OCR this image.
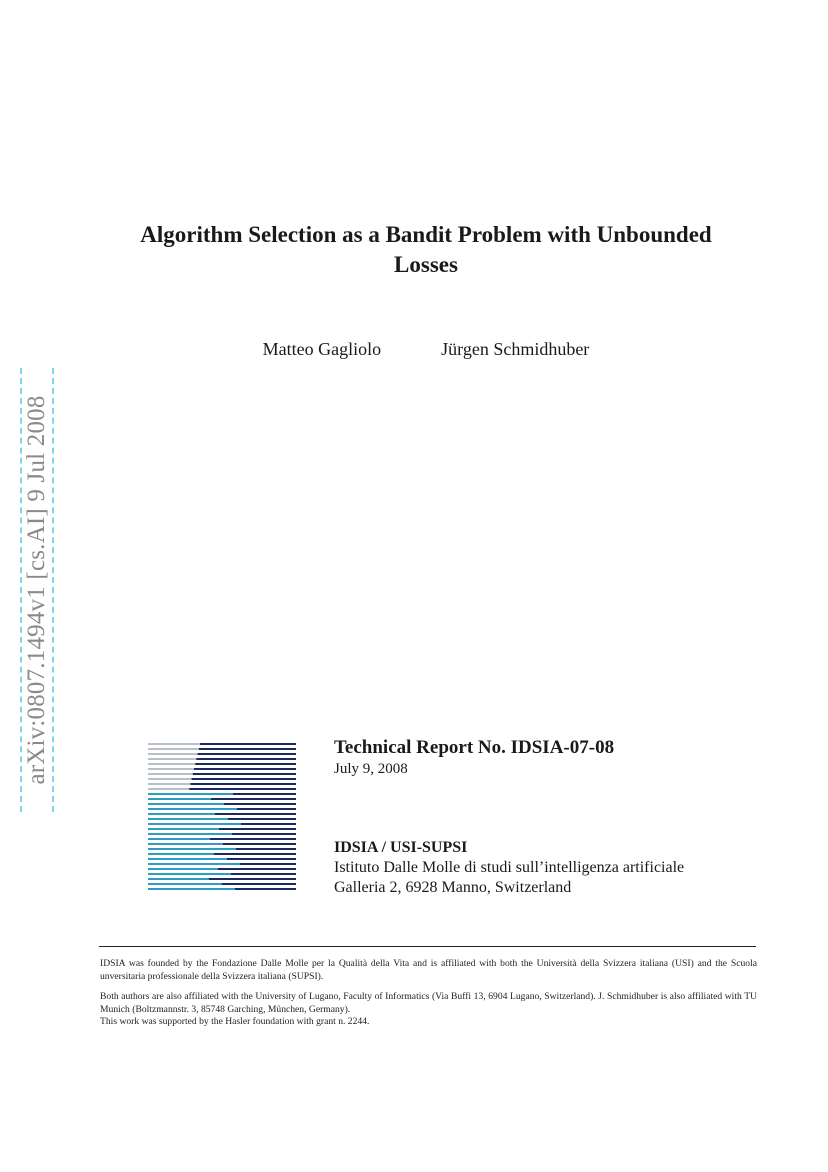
arXiv:0807.1494v1 [cs.AI] 9 Jul 2008
Algorithm Selection as a Bandit Problem with Unbounded Losses
Matteo Gagliolo	Jürgen Schmidhuber
Technical Report No. IDSIA-07-08
July 9, 2008
IDSIA / USI-SUPSI
Istituto Dalle Molle di studi sull’intelligenza artificiale
Galleria 2, 6928 Manno, Switzerland

IDSIA was founded by the Fondazione Dalle Molle per la Qualità della Vita and is affiliated with both the Università della Svizzera italiana (USI) and the Scuola unversitaria professionale della Svizzera italiana (SUPSI).

Both authors are also affiliated with the University of Lugano, Faculty of Informatics (Via Buffi 13, 6904 Lugano, Switzerland). J. Schmidhuber is also affiliated with TU Munich (Boltzmannstr. 3, 85748 Garching, München, Germany).

This work was supported by the Hasler foundation with grant n. 2244.
